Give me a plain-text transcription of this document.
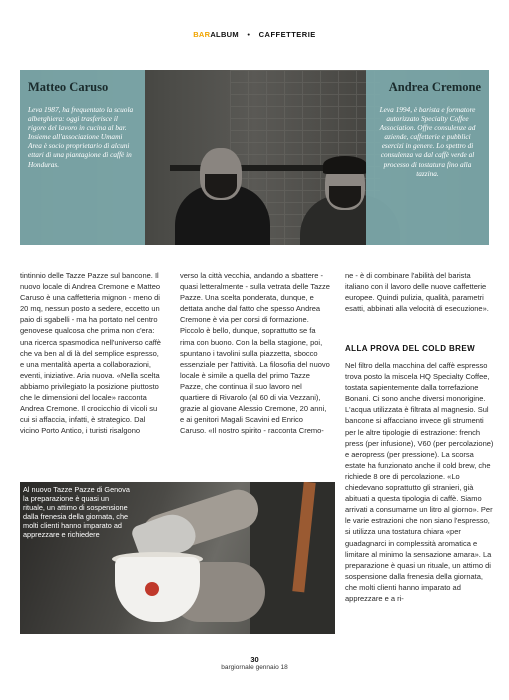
BARALBUM • CAFFETTERIE
Matteo Caruso
Leva 1987, ha frequentato la scuola alberghiera: oggi trasferisce il rigore del lavoro in cucina al bar. Insieme all'associazione Umami Area è socio proprietario di alcuni ettari di una piantagione di caffè in Honduras.
Andrea Cremone
Leva 1994, è barista e formatore autorizzato Specialty Coffee Association. Offre consulenze ad aziende, caffetterie e pubblici esercizi in genere. Lo spettro di consulenza va dal caffè verde al processo di tostatura fino alla tazzina.
tintinnio delle Tazze Pazze sul bancone. Il nuovo locale di Andrea Cremone e Matteo Caruso è una caffetteria mignon - meno di 20 mq, nessun posto a sedere, eccetto un paio di sgabelli - ma ha portato nel centro genovese qualcosa che prima non c'era: una ricerca spasmodica nell'universo caffè che va ben al di là del semplice espresso, e una mentalità aperta a collaborazioni, eventi, iniziative. Aria nuova. «Nella scelta abbiamo privilegiato la posizione piuttosto che le dimensioni del locale» racconta Andrea Cremone. Il crocicchio di vicoli su cui si affaccia, infatti, è strategico. Dal vicino Porto Antico, i turisti risalgono
verso la città vecchia, andando a sbattere - quasi letteralmente - sulla vetrata delle Tazze Pazze. Una scelta ponderata, dunque, e dettata anche dal fatto che spesso Andrea Cremone è via per corsi di formazione. Piccolo è bello, dunque, soprattutto se fa rima con buono. Con la bella stagione, poi, spuntano i tavolini sulla piazzetta, sbocco essenziale per l'attività. La filosofia del nuovo locale è simile a quella del primo Tazze Pazze, che continua il suo lavoro nel quartiere di Rivarolo (al 60 di via Vezzani), grazie al giovane Alessio Cremone, 20 anni, e ai genitori Magali Scavini ed Enrico Caruso. «Il nostro spirito - racconta Cremo-
ne - è di combinare l'abilità del barista italiano con il lavoro delle nuove caffetterie europee. Quindi pulizia, qualità, parametri esatti, abbinati alla velocità di esecuzione».
ALLA PROVA DEL COLD BREW
Nel filtro della macchina del caffè espresso trova posto la miscela HQ Specialty Coffee, tostata sapientemente dalla torrefazione Bonani. Ci sono anche diversi monorigine. L'acqua utilizzata è filtrata al magnesio. Sul bancone si affacciano invece gli strumenti per le altre tipologie di estrazione: french press (per infusione), V60 (per percolazione) e aeropress (per pressione). La scorsa estate ha funzionato anche il cold brew, che richiede 8 ore di percolazione. «Lo chiedevano soprattutto gli stranieri, già abituati a questa tipologia di caffè. Siamo arrivati a consumarne un litro al giorno». Per le varie estrazioni che non siano l'espresso, si utilizza una tostatura chiara «per guadagnarci in complessità aromatica e limitare al minimo la sensazione amara». La preparazione è quasi un rituale, un attimo di sospensione dalla frenesia della giornata, che molti clienti hanno imparato ad apprezzare e a ri-
Al nuovo Tazze Pazze di Genova la preparazione è quasi un rituale, un attimo di sospensione dalla frenesia della giornata, che molti clienti hanno imparato ad apprezzare e richiedere
30
bargiornale gennaio 18
